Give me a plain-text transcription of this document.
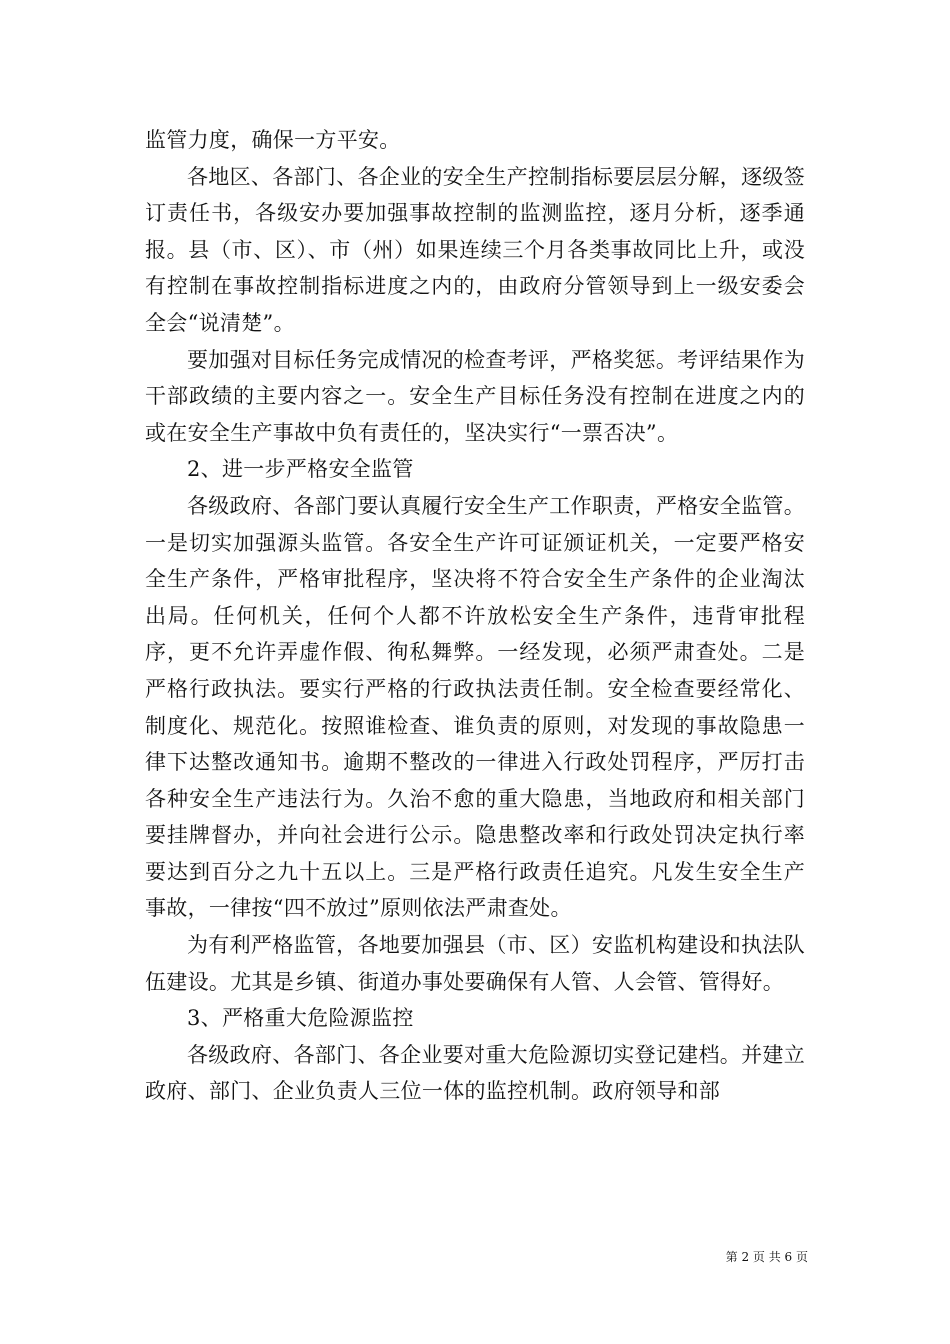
监管力度，确保一方平安。

各地区、各部门、各企业的安全生产控制指标要层层分解，逐级签订责任书，各级安办要加强事故控制的监测监控，逐月分析，逐季通报。县（市、区）、市（州）如果连续三个月各类事故同比上升，或没有控制在事故控制指标进度之内的，由政府分管领导到上一级安委会全会“说清楚”。

要加强对目标任务完成情况的检查考评，严格奖惩。考评结果作为干部政绩的主要内容之一。安全生产目标任务没有控制在进度之内的或在安全生产事故中负有责任的，坚决实行“一票否决”。

2、进一步严格安全监管

各级政府、各部门要认真履行安全生产工作职责，严格安全监管。一是切实加强源头监管。各安全生产许可证颁证机关，一定要严格安全生产条件，严格审批程序，坚决将不符合安全生产条件的企业淘汰出局。任何机关，任何个人都不许放松安全生产条件，违背审批程序，更不允许弄虚作假、徇私舞弊。一经发现，必须严肃查处。二是严格行政执法。要实行严格的行政执法责任制。安全检查要经常化、制度化、规范化。按照谁检查、谁负责的原则，对发现的事故隐患一律下达整改通知书。逾期不整改的一律进入行政处罚程序，严厉打击各种安全生产违法行为。久治不愈的重大隐患，当地政府和相关部门要挂牌督办，并向社会进行公示。隐患整改率和行政处罚决定执行率要达到百分之九十五以上。三是严格行政责任追究。凡发生安全生产事故，一律按“四不放过”原则依法严肃查处。

为有利严格监管，各地要加强县（市、区）安监机构建设和执法队伍建设。尤其是乡镇、街道办事处要确保有人管、人会管、管得好。

3、严格重大危险源监控

各级政府、各部门、各企业要对重大危险源切实登记建档。并建立政府、部门、企业负责人三位一体的监控机制。政府领导和部

第 2 页 共 6 页
